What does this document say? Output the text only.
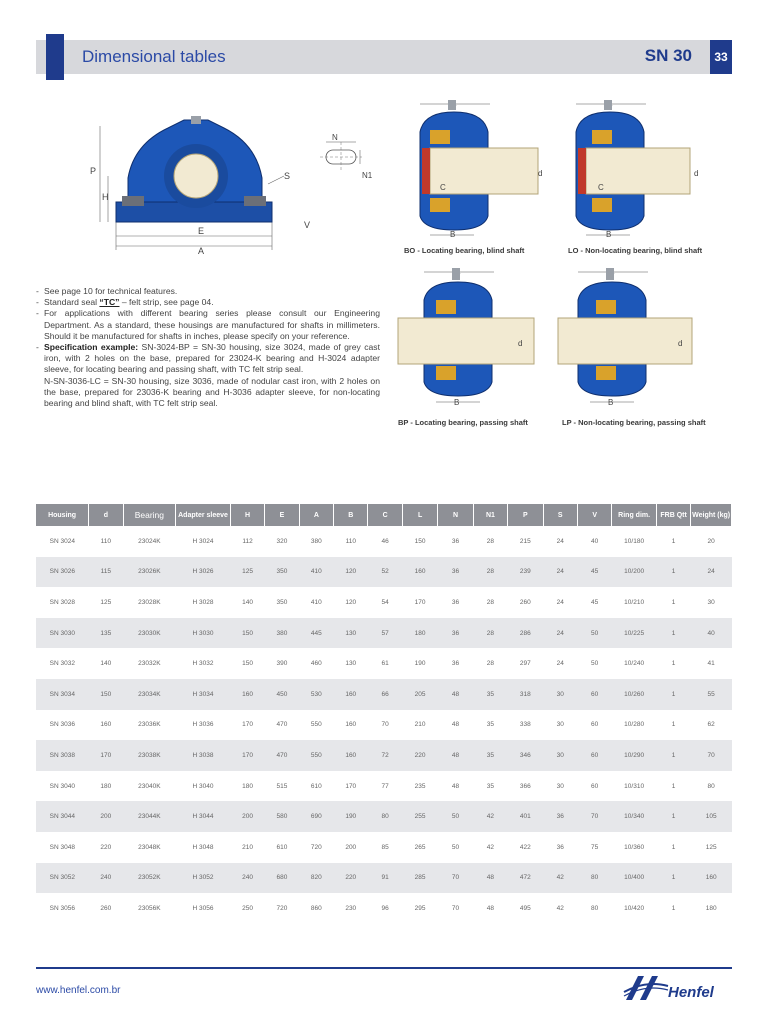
Dimensional tables	SN 30	33
P
H
E
A
S
V
N
N1	d
C
B
BO - Locating bearing, blind shaft
d
C
B
LO - Non-locating bearing, blind shaft
d
B
BP - Locating bearing, passing shaft
d
B
LP - Non-locating bearing, passing shaft
- See page 10 for technical features.
- Standard seal “TC” – felt strip, see page 04.
- For applications with different bearing series please consult our Engineering Department. As a standard, these housings are manufactured for shafts in millimeters. Should it be manufactured for shafts in inches, please specify on your reference.
- Specification example: SN-3024-BP = SN-30 housing, size 3024, made of grey cast iron, with 2 holes on the base, prepared for 23024-K bearing and H-3024 adapter sleeve, for locating bearing and passing shaft, with TC felt strip seal.
N-SN-3036-LC = SN-30 housing, size 3036, made of nodular cast iron, with 2 holes on the base, prepared for 23036-K bearing and H-3036 adapter sleeve, for non-locating bearing and blind shaft, with TC felt strip seal.
Housing	d	Bearing	Adapter sleeve	H	E	A	B	C	L	N	N1	P	S	V	Ring dim.	FRB Qtt	Weight (kg)
SN 3024	110	23024K	H 3024	112	320	380	110	46	150	36	28	215	24	40	10/180	1	20
SN 3026	115	23026K	H 3026	125	350	410	120	52	160	36	28	239	24	45	10/200	1	24
SN 3028	125	23028K	H 3028	140	350	410	120	54	170	36	28	260	24	45	10/210	1	30
SN 3030	135	23030K	H 3030	150	380	445	130	57	180	36	28	286	24	50	10/225	1	40
SN 3032	140	23032K	H 3032	150	390	460	130	61	190	36	28	297	24	50	10/240	1	41
SN 3034	150	23034K	H 3034	160	450	530	160	66	205	48	35	318	30	60	10/260	1	55
SN 3036	160	23036K	H 3036	170	470	550	160	70	210	48	35	338	30	60	10/280	1	62
SN 3038	170	23038K	H 3038	170	470	550	160	72	220	48	35	346	30	60	10/290	1	70
SN 3040	180	23040K	H 3040	180	515	610	170	77	235	48	35	366	30	60	10/310	1	80
SN 3044	200	23044K	H 3044	200	580	690	190	80	255	50	42	401	36	70	10/340	1	105
SN 3048	220	23048K	H 3048	210	610	720	200	85	265	50	42	422	36	75	10/360	1	125
SN 3052	240	23052K	H 3052	240	680	820	220	91	285	70	48	472	42	80	10/400	1	160
SN 3056	260	23056K	H 3056	250	720	860	230	96	295	70	48	495	42	80	10/420	1	180
www.henfel.com.br	Henfel
